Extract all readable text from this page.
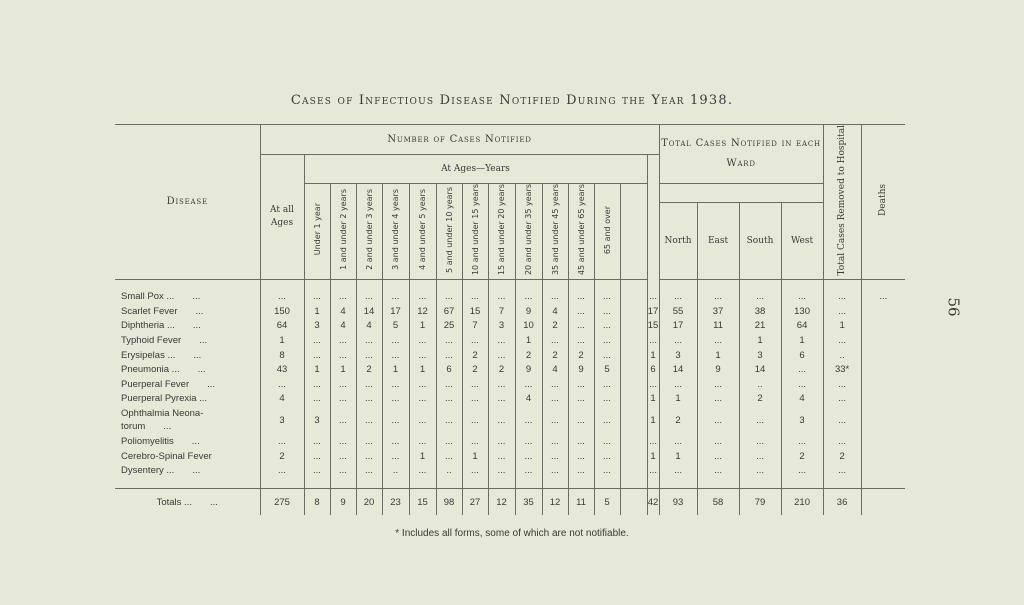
Cases of Infectious Disease Notified During the Year 1938.
56
Disease	Number of Cases Notified															Total Cases Notified in each Ward				Total Cases Removed to Hospital	Deaths
	At all Ages	At Ages—Years																			
		Under 1 year	1 and under 2 years	2 and under 3 years	3 and under 4 years	4 and under 5 years	5 and under 10 years	10 and under 15 years	15 and under 20 years	20 and under 35 years	35 and under 45 years	45 and under 65 years	65 and over								
																North	East	South	West		

Small Pox ... ...	...	...	...	...	...	...	...	...	...	...	...	...	...		...	...	...	...	...	...	...
Scarlet Fever ...	150	1	4	14	17	12	67	15	7	9	4	...	...		17	55	37	38	130	...	
Diphtheria ... ...	64	3	4	4	5	1	25	7	3	10	2	...	...		15	17	11	21	64	1	
Typhoid Fever ...	1	...	...	...	...	...	...	...	...	1	...	...	...		...	...	...	1	1	...	
Erysipelas ... ...	8	...	...	...	...	...	...	2	...	2	2	2	...		1	3	1	3	6	..	
Pneumonia ... ...	43	1	1	2	1	1	6	2	2	9	4	9	5		6	14	9	14	...	33*	
Puerperal Fever ...	...	...	...	...	...	...	...	...	...	...	...	...	...		...	...	...	..	...	...	
Puerperal Pyrexia ...	4	...	...	...	...	...	...	...	...	4	...	...	...		1	1	...	2	4	...	
Ophthalmia Neona-torum ...	3	3	...	...	...	...	...	...	...	...	...	...	...		1	2	...	...	3	...	
Poliomyelitis ...	...	...	...	...	...	...	...	...	...	...	...	...	...		...	...	...	...	...	...	
Cerebro-Spinal Fever	2	...	...	...	...	1	...	1	...	...	...	...	...		1	1	...	...	2	2	
Dysentery ... ...	...	...	...	...	..	...	..	...	...	...	...	...	...		...	...	...	...	...	...	

Totals ... ...	275	8	9	20	23	15	98	27	12	35	12	11	5		42	93	58	79	210	36	
* Includes all forms, some of which are not notifiable.
